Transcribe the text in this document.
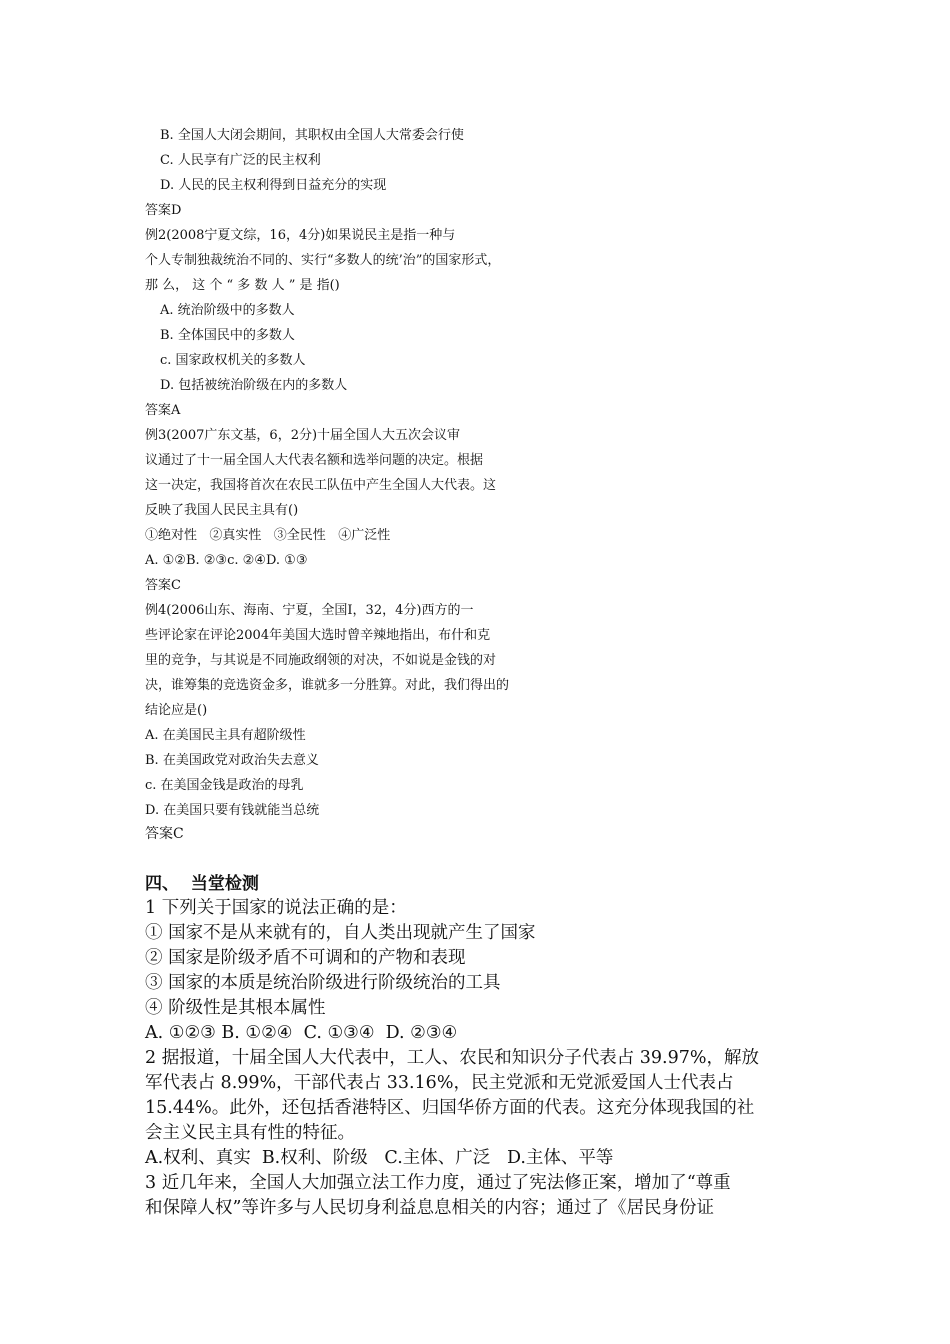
B. 全国人大闭会期间，其职权由全国人大常委会行使
C. 人民享有广泛的民主权利
D. 人民的民主权利得到日益充分的实现
答案D
例2(2008宁夏文综，16，4分)如果说民主是指一种与
个人专制独裁统治不同的、实行“多数人的统’治”的国家形式，
那 么， 这 个 “ 多 数 人 ” 是 指()
A. 统治阶级中的多数人
B. 全体国民中的多数人
c. 国家政权机关的多数人
D. 包括被统治阶级在内的多数人
答案A
例3(2007广东文基，6，2分)十届全国人大五次会议审
议通过了十一届全国人大代表名额和选举问题的决定。根据
这一决定，我国将首次在农民工队伍中产生全国人大代表。这
反映了我国人民民主具有()
①绝对性   ②真实性   ③全民性   ④广泛性
A. ①②B. ②③c. ②④D. ①③
答案C
例4(2006山东、海南、宁夏，全国I，32，4分)西方的一
些评论家在评论2004年美国大选时曾辛辣地指出，布什和克
里的竞争，与其说是不同施政纲领的对决，不如说是金钱的对
决，谁筹集的竞选资金多，谁就多一分胜算。对此，我们得出的
结论应是()
A. 在美国民主具有超阶级性
B. 在美国政党对政治失去意义
c. 在美国金钱是政治的母乳
D. 在美国只要有钱就能当总统
答案C
四、  当堂检测
1 下列关于国家的说法正确的是：
① 国家不是从来就有的，自人类出现就产生了国家
② 国家是阶级矛盾不可调和的产物和表现
③ 国家的本质是统治阶级进行阶级统治的工具
④ 阶级性是其根本属性
A. ①②③ B. ①②④  C. ①③④  D. ②③④
2 据报道，十届全国人大代表中，工人、农民和知识分子代表占 39.97%，解放
军代表占 8.99%，干部代表占 33.16%，民主党派和无党派爱国人士代表占
15.44%。此外，还包括香港特区、归国华侨方面的代表。这充分体现我国的社
会主义民主具有性的特征。
A.权利、真实  B.权利、阶级   C.主体、广泛   D.主体、平等
3 近几年来，全国人大加强立法工作力度，通过了宪法修正案，增加了“尊重
和保障人权”等许多与人民切身利益息息相关的内容；通过了《居民身份证
